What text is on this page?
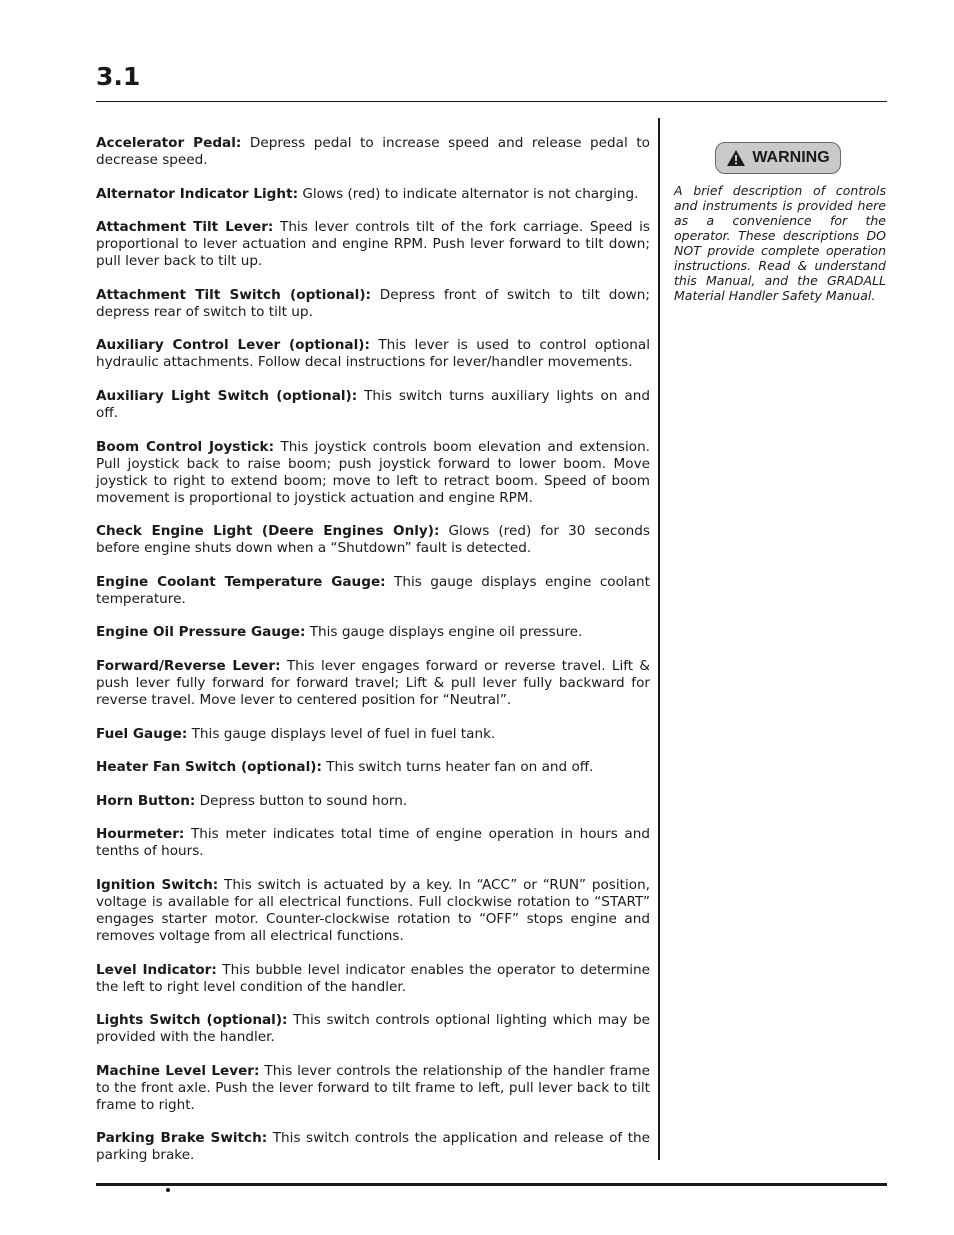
3.1

Accelerator Pedal: Depress pedal to increase speed and release pedal to decrease speed.

Alternator Indicator Light: Glows (red) to indicate alternator is not charging.

Attachment Tilt Lever: This lever controls tilt of the fork carriage. Speed is proportional to lever actuation and engine RPM. Push lever forward to tilt down; pull lever back to tilt up.

Attachment Tilt Switch (optional): Depress front of switch to tilt down; depress rear of switch to tilt up.

Auxiliary Control Lever (optional): This lever is used to control optional hydraulic attachments. Follow decal instructions for lever/handler movements.

Auxiliary Light Switch (optional): This switch turns auxiliary lights on and off.

Boom Control Joystick: This joystick controls boom elevation and extension. Pull joystick back to raise boom; push joystick forward to lower boom. Move joystick to right to extend boom; move to left to retract boom. Speed of boom movement is proportional to joystick actuation and engine RPM.

Check Engine Light (Deere Engines Only): Glows (red) for 30 seconds before engine shuts down when a “Shutdown” fault is detected.

Engine Coolant Temperature Gauge: This gauge displays engine coolant temperature.

Engine Oil Pressure Gauge: This gauge displays engine oil pressure.

Forward/Reverse Lever: This lever engages forward or reverse travel. Lift & push lever fully forward for forward travel; Lift & pull lever fully backward for reverse travel. Move lever to centered position for “Neutral”.

Fuel Gauge: This gauge displays level of fuel in fuel tank.

Heater Fan Switch (optional): This switch turns heater fan on and off.

Horn Button: Depress button to sound horn.

Hourmeter: This meter indicates total time of engine operation in hours and tenths of hours.

Ignition Switch: This switch is actuated by a key. In “ACC” or “RUN” position, voltage is available for all electrical functions. Full clockwise rotation to “START” engages starter motor. Counter-clockwise rotation to “OFF” stops engine and removes voltage from all electrical functions.

Level Indicator: This bubble level indicator enables the operator to determine the left to right level condition of the handler.

Lights Switch (optional): This switch controls optional lighting which may be provided with the handler.

Machine Level Lever: This lever controls the relationship of the handler frame to the front axle. Push the lever forward to tilt frame to left, pull lever back to tilt frame to right.

Parking Brake Switch: This switch controls the application and release of the parking brake.

WARNING

A brief description of controls and instruments is provided here as a convenience for the operator. These descriptions DO NOT provide complete operation instructions. Read & understand this Manual, and the GRADALL Material Handler Safety Manual.
